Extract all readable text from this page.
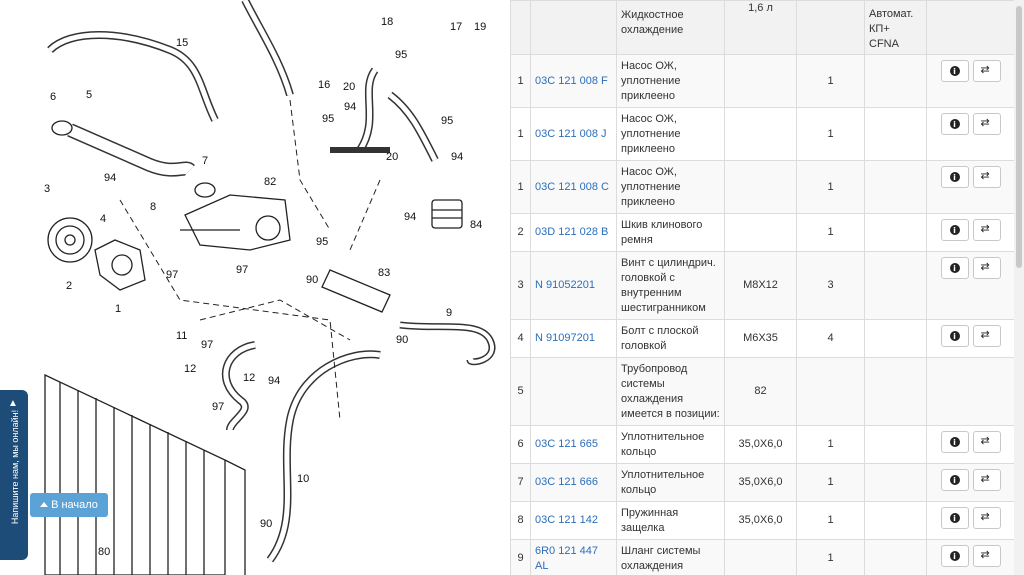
15
18	17 19
95
16 20
94
95
20
95
94
6	5
7
94	82
8
3
4
2
1
97	97
95
94
84
83
90
90
9
11
97
12
12 94
97
10
90
80
		Жидкостное охлаждение	1,6 л		Автомат.
КП+
CFNA	

1	03C 121 008 F	Насос ОЖ, уплотнение приклеено		1		
i
⇄

1	03C 121 008 J	Насос ОЖ, уплотнение приклеено		1		
i
⇄

1	03C 121 008 C	Насос ОЖ, уплотнение приклеено		1		
i
⇄

2	03D 121 028 B	Шкив клинового ремня		1		
i⇄

3	N 91052201	Винт с цилиндрич. головкой с внутренним шестигранником	M8X12	3		
i
⇄

4	N 91097201	Болт с плоской головкой	M6X35	4		
i⇄

5		Трубопровод системы охлаждения имеется в позиции:	82			
6	03C 121 665	Уплотнительное кольцо	35,0X6,0	1		
i⇄

7	03C 121 666	Уплотнительное кольцо	35,0X6,0	1		
i⇄

8	03C 121 142	Пружинная защелка	35,0X6,0	1		
i⇄

9	6R0 121 447 AL	Шланг системы охлаждения		1		
i⇄
▲
Напишите нам, мы онлайн!	В начало
